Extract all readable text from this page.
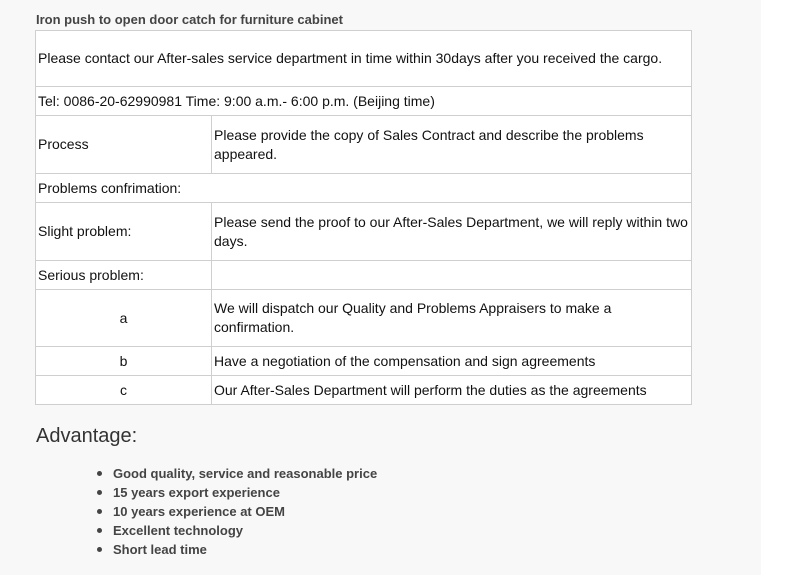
Iron push to open door catch for furniture cabinet
Please contact our After-sales service department in time within 30days after you received the cargo.	
Tel: 0086-20-62990981 Time: 9:00 a.m.- 6:00 p.m. (Beijing time)	
Process	Please provide the copy of Sales Contract and describe the problems appeared.
Problems confrimation:	
Slight problem:	Please send the proof to our After-Sales Department, we will reply within two days.
Serious problem:	
a	We will dispatch our Quality and Problems Appraisers to make a confirmation.
b	Have a negotiation of the compensation and sign agreements
c	Our After-Sales Department will perform the duties as the agreements
Advantage:
Good quality, service and reasonable price
15 years export experience
10 years experience at OEM
Excellent technology
Short lead time
